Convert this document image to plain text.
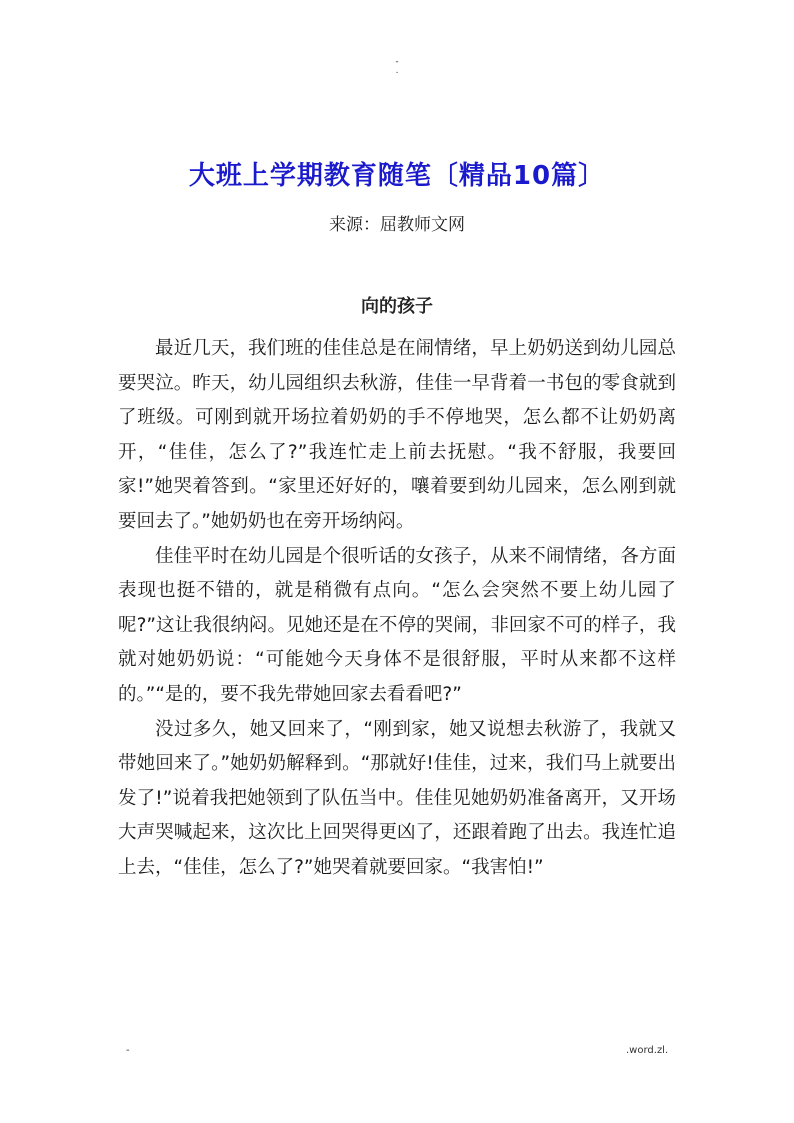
-
.
大班上学期教育随笔〔精品10篇〕
来源：屈教师文网
向的孩子

最近几天，我们班的佳佳总是在闹情绪，早上奶奶送到幼儿园总要哭泣。昨天，幼儿园组织去秋游，佳佳一早背着一书包的零食就到了班级。可刚到就开场拉着奶奶的手不停地哭，怎么都不让奶奶离开，“佳佳，怎么了?”我连忙走上前去抚慰。“我不舒服，我要回家!”她哭着答到。“家里还好好的，嚷着要到幼儿园来，怎么刚到就要回去了。”她奶奶也在旁开场纳闷。

佳佳平时在幼儿园是个很听话的女孩子，从来不闹情绪，各方面表现也挺不错的，就是稍微有点向。“怎么会突然不要上幼儿园了呢?”这让我很纳闷。见她还是在不停的哭闹，非回家不可的样子，我就对她奶奶说：“可能她今天身体不是很舒服，平时从来都不这样的。”“是的，要不我先带她回家去看看吧?”

没过多久，她又回来了，“刚到家，她又说想去秋游了，我就又带她回来了。”她奶奶解释到。“那就好!佳佳，过来，我们马上就要出发了!”说着我把她领到了队伍当中。佳佳见她奶奶准备离开，又开场大声哭喊起来，这次比上回哭得更凶了，还跟着跑了出去。我连忙追上去，“佳佳，怎么了?”她哭着就要回家。“我害怕!”

-	.word.zl.
